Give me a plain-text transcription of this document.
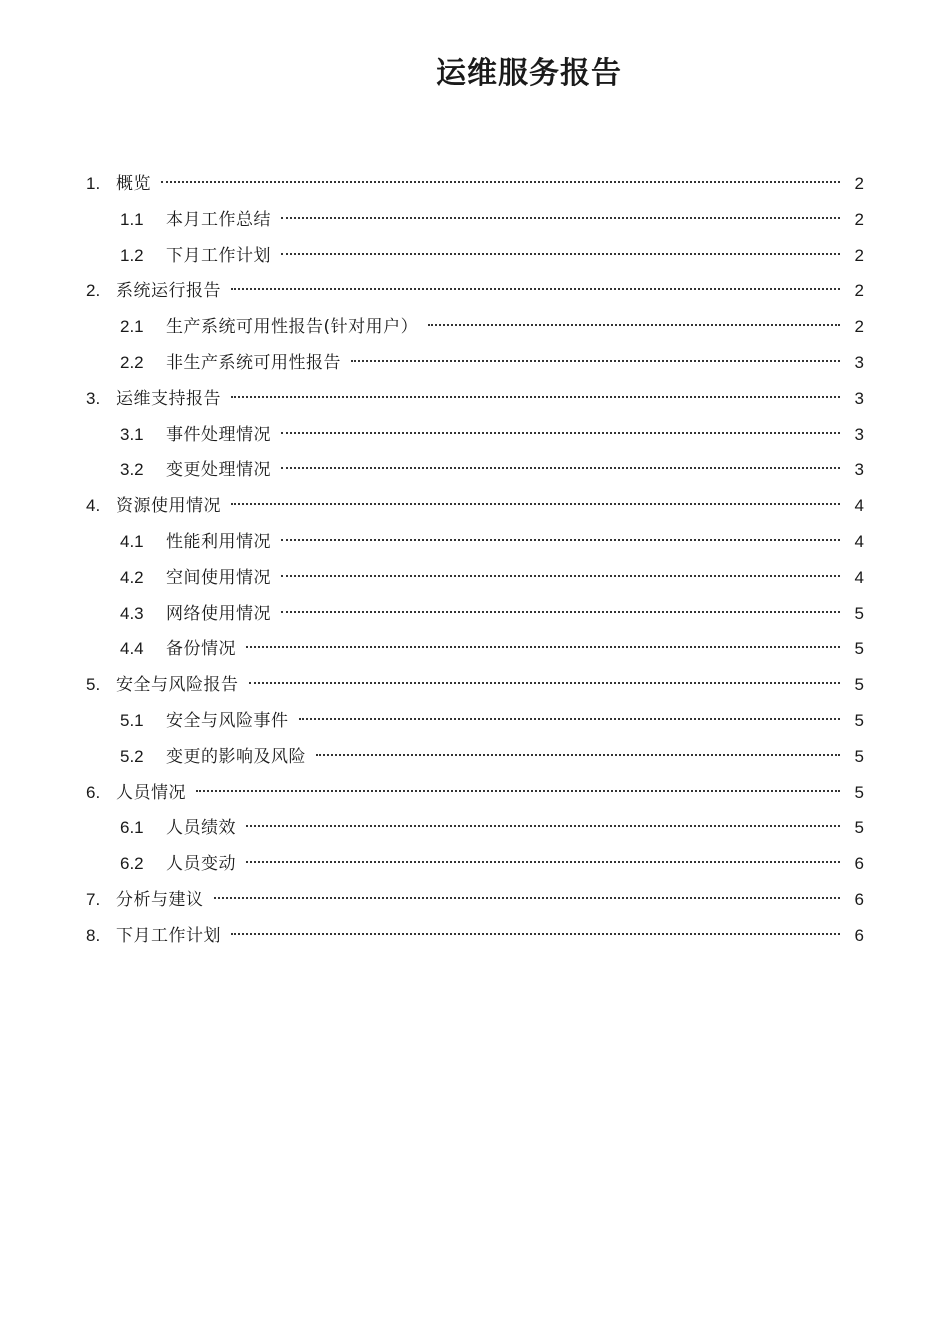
运维服务报告
1. 概览	2
1.1	本月工作总结	2
1.2	下月工作计划	2
2. 系统运行报告	2
2.1	生产系统可用性报告(针对用户）	2
2.2	非生产系统可用性报告	3
3. 运维支持报告	3
3.1	事件处理情况	3
3.2	变更处理情况	3
4. 资源使用情况	4
4.1	性能利用情况	4
4.2	空间使用情况	4
4.3	网络使用情况	5
4.4	备份情况	5
5. 安全与风险报告	5
5.1	安全与风险事件	5
5.2	变更的影响及风险	5
6. 人员情况	5
6.1	人员绩效	5
6.2	人员变动	6
7. 分析与建议	6
8. 下月工作计划	6
